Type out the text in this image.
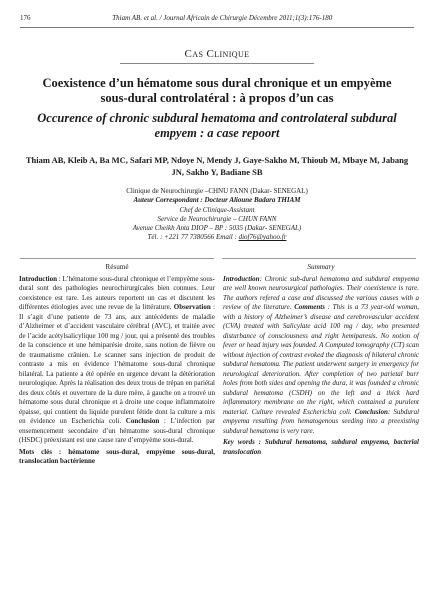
176	Thiam AB. et al. / Journal Africain de Chirurgie Décembre 2011;1(3):176-180
Cas Clinique
Coexistence d’un hématome sous dural chronique et un empyème sous-dural controlatéral : à propos d’un cas
Occurence of chronic subdural hematoma and controlateral subdural empyem : a case repoort
Thiam AB, Kleib A, Ba MC, Safari MP, Ndoye N, Mendy J, Gaye-Sakho M, Thioub M, Mbaye M, Jabang JN, Sakho Y, Badiane SB
Clinique de Neurochirurgie –CHNU FANN (Dakar- SENEGAL)
Auteur Correspondant : Docteur Alioune Badara THIAM
Chef de Clinique-Assistant
Service de Neurochirurgie – CHUN FANN
Avenue Cheikh Anta DIOP – BP : 5035 (Dakar- SENEGAL)
Tél. : +221 77 7380566 Email : diof76@yahoo.fr
Résumé

Introduction : L’hématome sous-dural chronique et l’empyème sous-dural sont des pathologies neurochirurgicales bien connues. Leur coexistence est rare. Les auteurs reportent un cas et discutent les différentes étiologies avec une revue de la littérature. Observation : Il s’agit d’une patiente de 73 ans, aux antécédents de maladie d’Alzheimer et d’accident vasculaire cérébral (AVC), et traitée avec de l’acide acétylsalicylique 100 mg / jour, qui a présenté des troubles de la conscience et une hémiparésie droite, sans notion de fièvre ou de traumatisme crânien. Le scanner sans injection de produit de contraste a mis en évidence l’hématome sous-dural chronique bilatéral. La patiente a été opérée en urgence devant la détérioration neurologique. Après la réalisation des deux trous de trépan en pariétal des deux côtés et ouverture de la dure mère, à gauche on a trouvé un hématome sous dural chronique et à droite une coque inflammatoire épaisse, qui contient du liquide purulent fétide dont la culture a mis en évidence un Escherichia coli. Conclusion : L’infection par ensemencement secondaire d’un hématome sous-dural chronique (HSDC) préexistant est une cause rare d’empyème sous-dural.

Mots clés : hématome sous-dural, empyème sous-dural, translocation bactérienne
Summary

Introduction: Chronic sub-dural hematoma and subdural empyema are well known neurosurgical pathologies. Their coexistence is rare. The authors refered a case and discussed the various causes with a review of the literature. Comments : This is a 73 year-old woman, with a history of Alzheimer’s disease and cerebrovascular accident (CVA) treated with Salicylate acid 100 mg / day, who presented disturbance of consciousness and right hemiparesis. No notion of fever or head injury was founded. A Computed tomography (CT) scan without injection of contrast evoked the diagnosis of bilateral chronic subdural hematoma. The patient underwent surgery in emergency for neurological deterioration. After completion of two parietal burr holes from both sides and opening the dura, it was founded a chronic subdural hematoma (CSDH) on the left and a thick hard inflammatory membrane on the right, which contained a purulent material. Culture revealed Escherichia coli. Conclusion: Subdural empyema resulting from hematogenous seeding into a preexisting subdural hematoma is very rare.

Key words : Subdural hematoma, subdural empyema, bacterial translocation
